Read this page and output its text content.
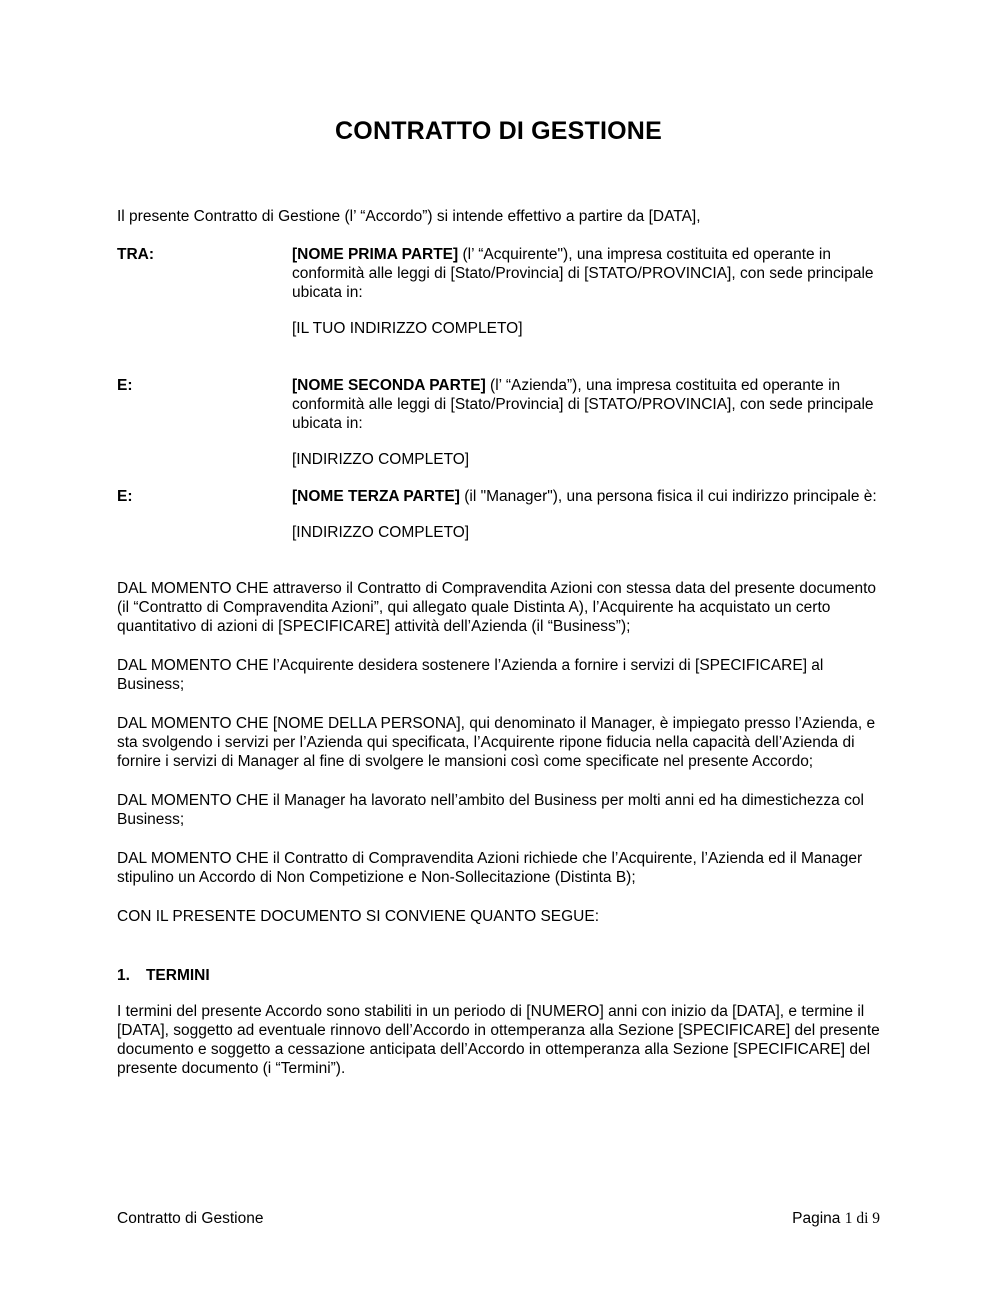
CONTRATTO DI GESTIONE

Il presente Contratto di Gestione (l’ “Accordo”) si intende effettivo a partire da [DATA],

TRA:	[NOME PRIMA PARTE] (l’ “Acquirente"), una impresa costituita ed operante in conformità alle leggi di [Stato/Provincia] di [STATO/PROVINCIA], con sede principale ubicata in:

[IL TUO INDIRIZZO COMPLETO]

E:	[NOME SECONDA PARTE] (l’ “Azienda”), una impresa costituita ed operante in conformità alle leggi di [Stato/Provincia] di [STATO/PROVINCIA], con sede principale ubicata in:

[INDIRIZZO COMPLETO]

E:	[NOME TERZA PARTE] (il "Manager"), una persona fisica il cui indirizzo principale è:

[INDIRIZZO COMPLETO]

DAL MOMENTO CHE attraverso il Contratto di Compravendita Azioni con stessa data del presente documento (il “Contratto di Compravendita Azioni”, qui allegato quale Distinta A), l’Acquirente ha acquistato un certo quantitativo di azioni di [SPECIFICARE] attività dell’Azienda (il “Business”);

DAL MOMENTO CHE l’Acquirente desidera sostenere l’Azienda a fornire i servizi di [SPECIFICARE] al Business;

DAL MOMENTO CHE [NOME DELLA PERSONA], qui denominato il Manager, è impiegato presso l’Azienda, e sta svolgendo i servizi per l’Azienda qui specificata, l’Acquirente ripone fiducia nella capacità dell’Azienda di fornire i servizi di Manager al fine di svolgere le mansioni così come specificate nel presente Accordo;

DAL MOMENTO CHE il Manager ha lavorato nell’ambito del Business per molti anni ed ha dimestichezza col Business;

DAL MOMENTO CHE il Contratto di Compravendita Azioni richiede che l’Acquirente, l’Azienda ed il Manager stipulino un Accordo di Non Competizione e Non-Sollecitazione (Distinta B);

CON IL PRESENTE DOCUMENTO SI CONVIENE QUANTO SEGUE:

1. TERMINI

I termini del presente Accordo sono stabiliti in un periodo di [NUMERO] anni con inizio da [DATA], e termine il [DATA], soggetto ad eventuale rinnovo dell’Accordo in ottemperanza alla Sezione [SPECIFICARE] del presente documento e soggetto a cessazione anticipata dell’Accordo in ottemperanza alla Sezione [SPECIFICARE] del presente documento (i “Termini”).

Contratto di Gestione	Pagina 1 di 9
